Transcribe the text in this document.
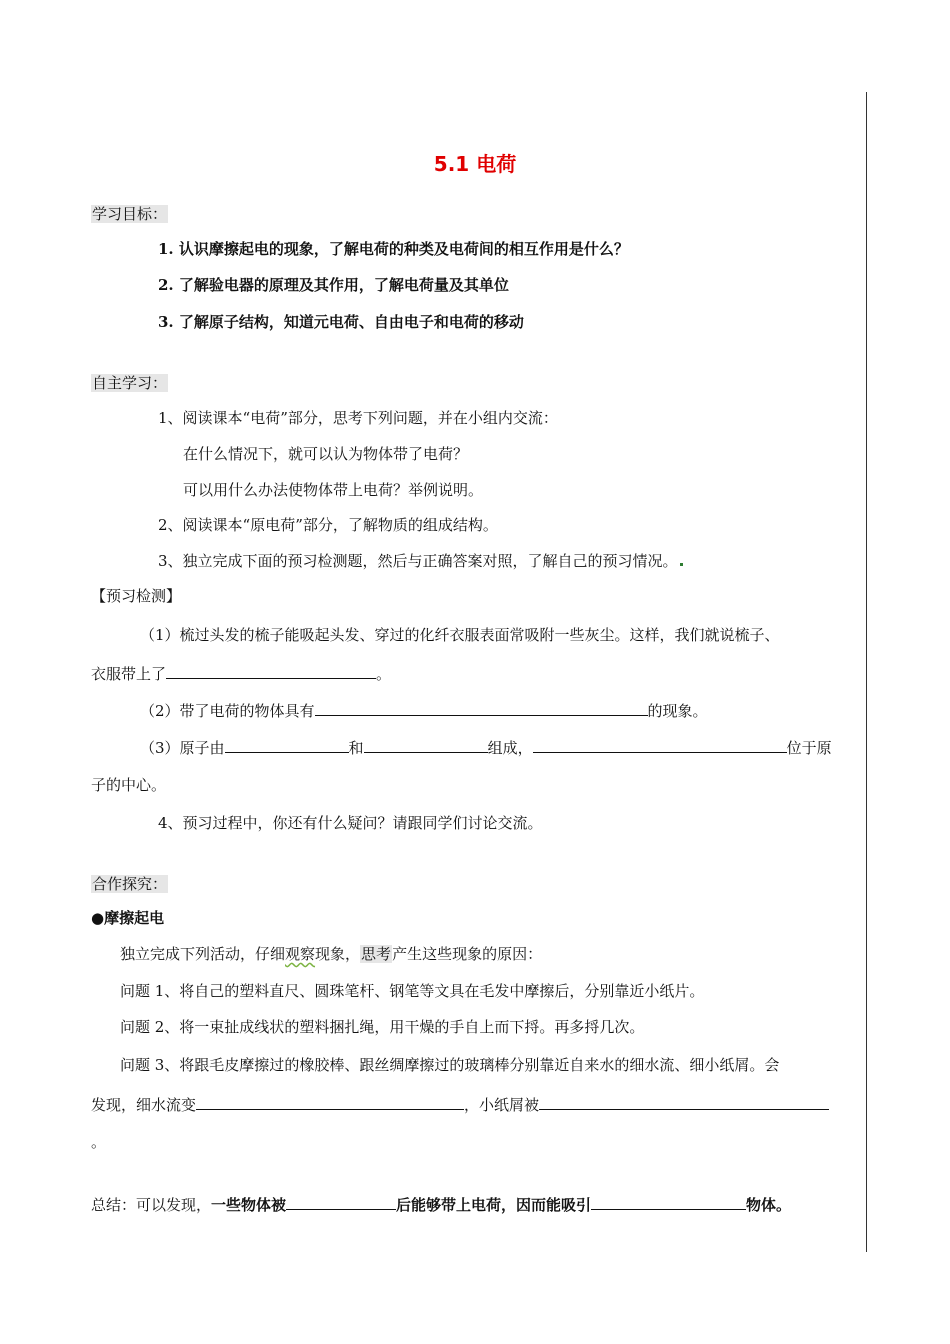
5.1 电荷
学习目标：
1. 认识摩擦起电的现象，了解电荷的种类及电荷间的相互作用是什么？
2. 了解验电器的原理及其作用，了解电荷量及其单位
3. 了解原子结构，知道元电荷、自由电子和电荷的移动
自主学习：
1、阅读课本“电荷”部分，思考下列问题，并在小组内交流：
在什么情况下，就可以认为物体带了电荷？
可以用什么办法使物体带上电荷？举例说明。
2、阅读课本“原电荷”部分，了解物质的组成结构。
3、独立完成下面的预习检测题，然后与正确答案对照，了解自己的预习情况。
【预习检测】
（1）梳过头发的梳子能吸起头发、穿过的化纤衣服表面常吸附一些灰尘。这样，我们就说梳子、
衣服带上了	。
（2）带了电荷的物体具有	的现象。
（3）原子由	和	组成，	位于原
子的中心。
4、预习过程中，你还有什么疑问？请跟同学们讨论交流。
合作探究：
●摩擦起电
独立完成下列活动，仔细观察现象，思考产生这些现象的原因：
问题 1、将自己的塑料直尺、圆珠笔杆、钢笔等文具在毛发中摩擦后，分别靠近小纸片。
问题 2、将一束扯成线状的塑料捆扎绳，用干燥的手自上而下捋。再多捋几次。
问题 3、将跟毛皮摩擦过的橡胶棒、跟丝绸摩擦过的玻璃棒分别靠近自来水的细水流、细小纸屑。会
发现，细水流变	，小纸屑被
。
总结：可以发现，一些物体被	后能够带上电荷，因而能吸引	物体。
